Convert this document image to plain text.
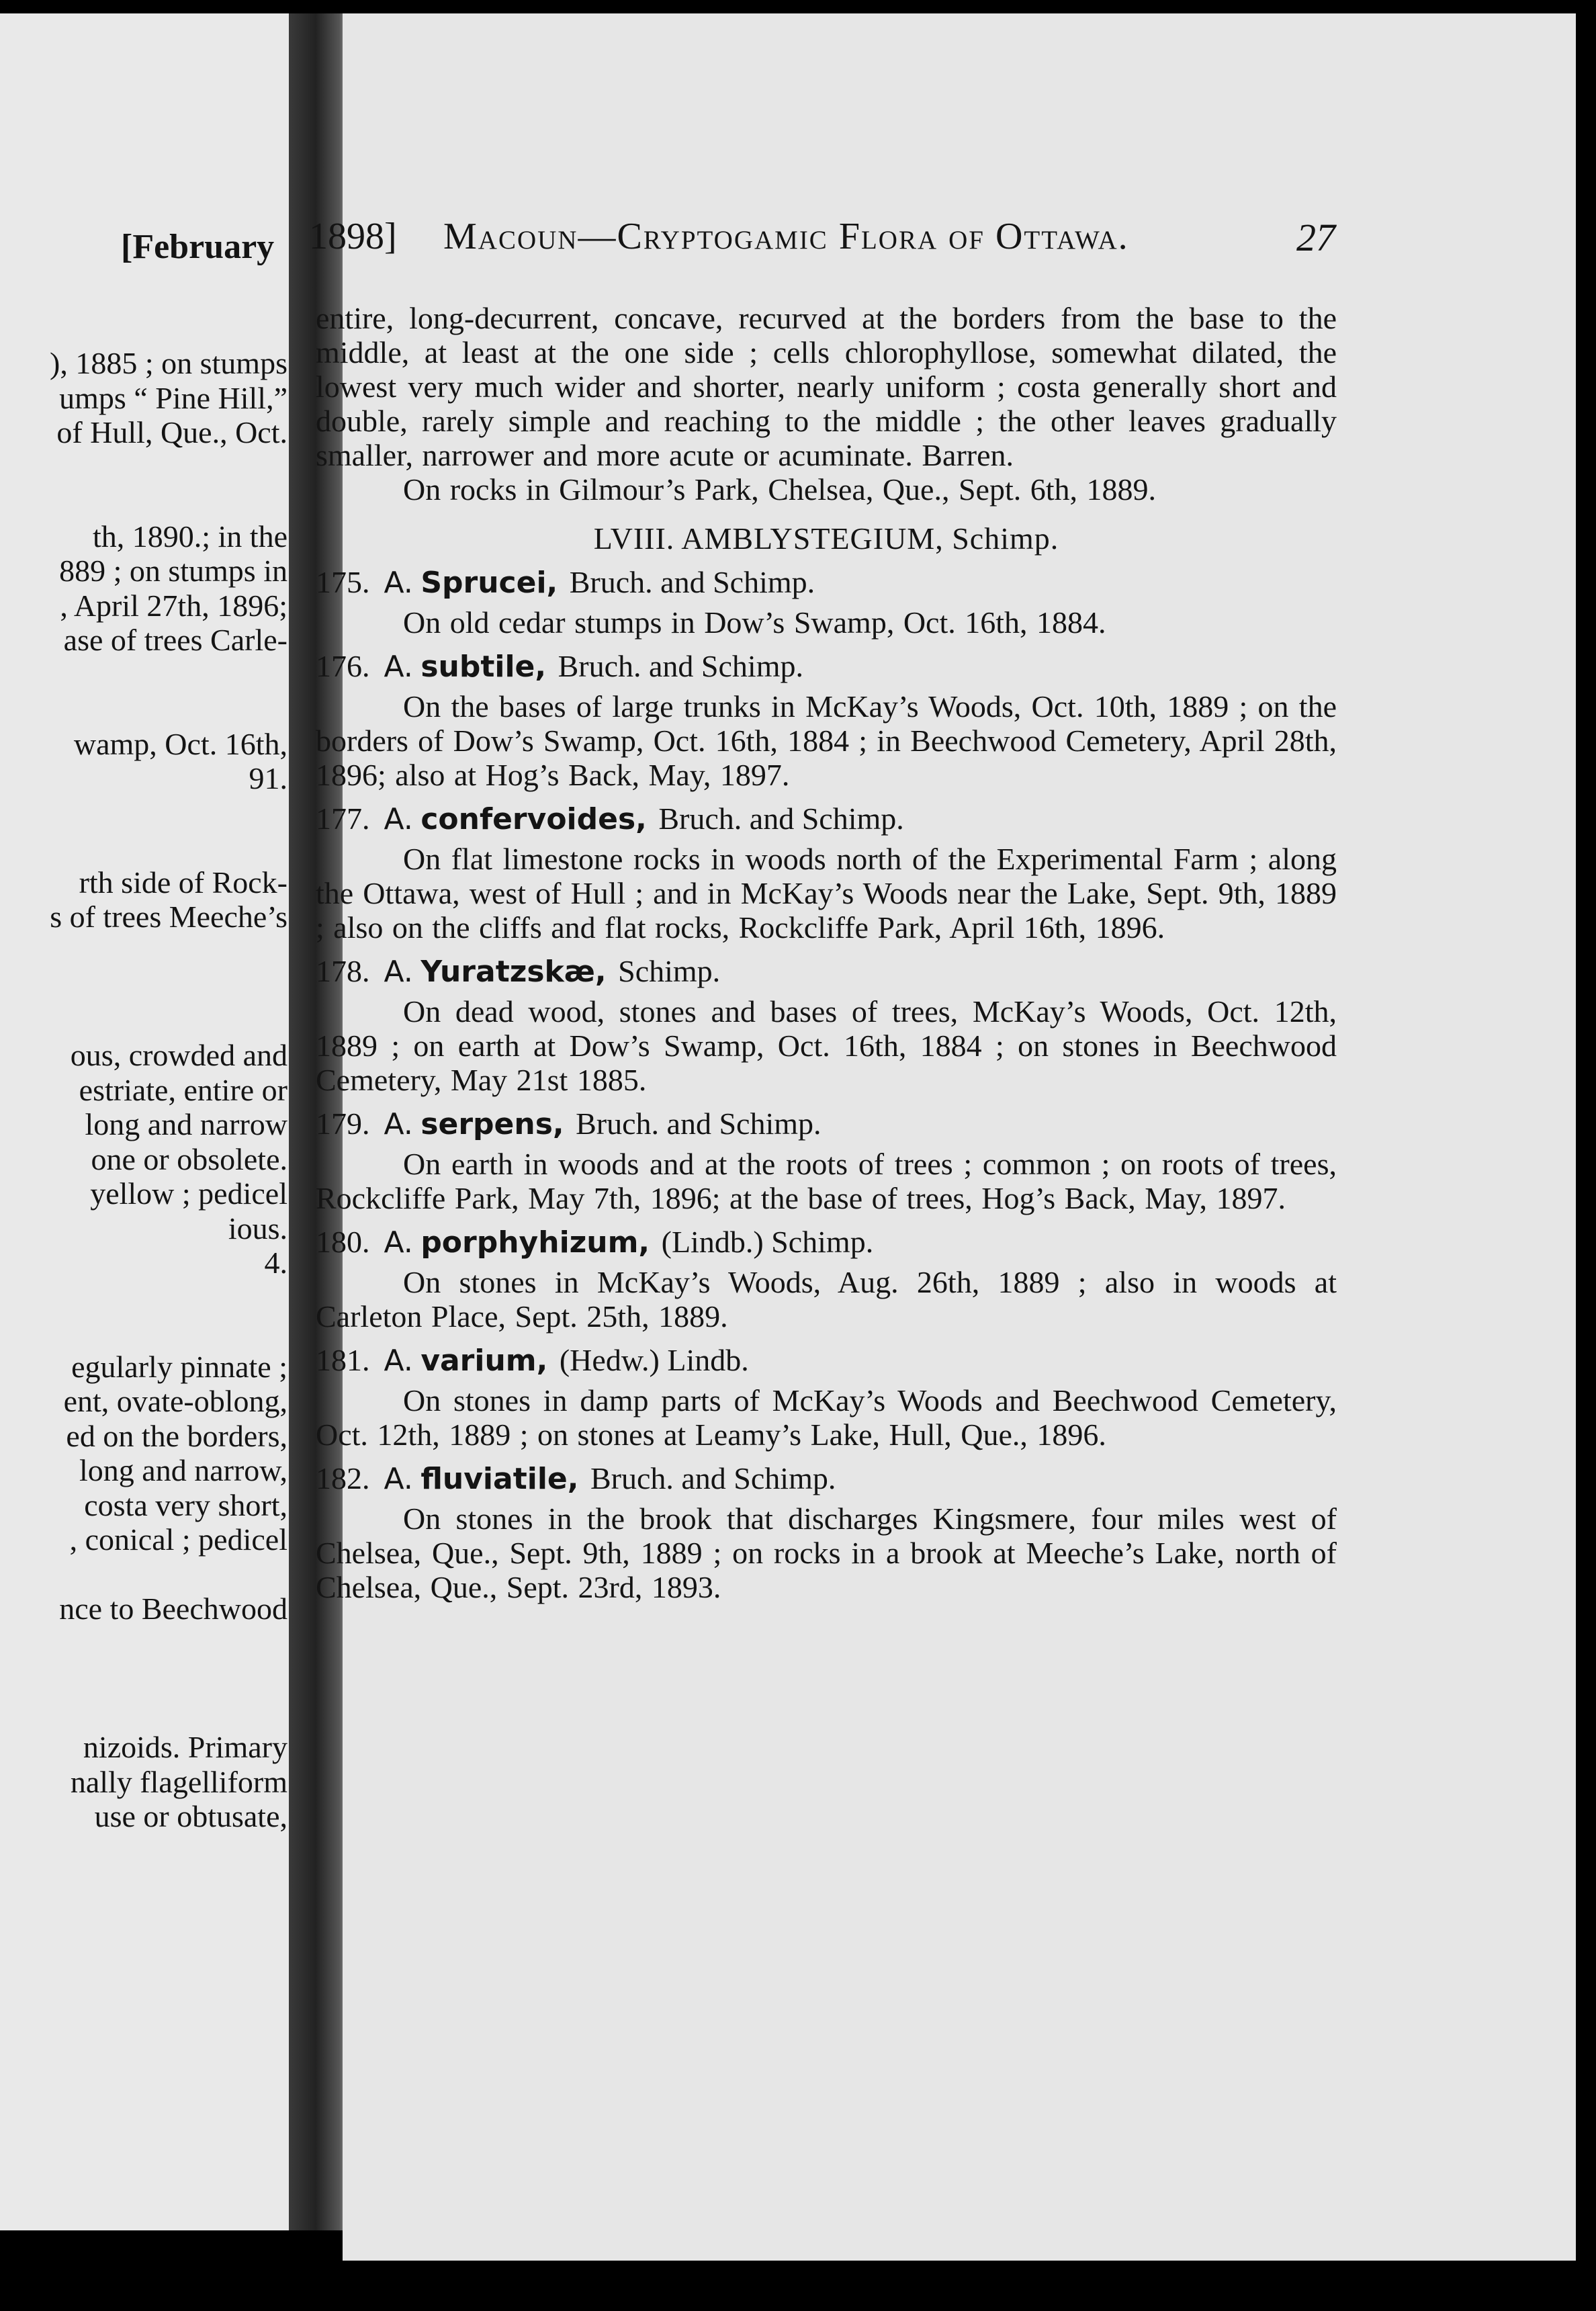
[February
), 1885 ; on stumps
umps “ Pine Hill,”
of Hull, Que., Oct.
th, 1890.; in the
889 ; on stumps in
, April 27th, 1896;
ase of trees Carle-
wamp, Oct. 16th,
91.
rth side of Rock-
s of trees Meeche’s
ous, crowded and
estriate, entire or
long and narrow
one or obsolete.
yellow ; pedicel
ious.
4.
egularly pinnate ;
ent, ovate-oblong,
ed on the borders,
long and narrow,
costa very short,
, conical ; pedicel
nce to Beechwood
nizoids. Primary
nally flagelliform
use or obtusate,
1898] Macoun—Cryptogamic Flora of Ottawa.	27

entire, long-decurrent, concave, recurved at the borders from the base to the middle, at least at the one side ; cells chlorophyllose, somewhat dilated, the lowest very much wider and shorter, nearly uniform ; costa generally short and double, rarely simple and reaching to the middle ; the other leaves gradually smaller, narrower and more acute or acuminate. Barren.

On rocks in Gilmour’s Park, Chelsea, Que., Sept. 6th, 1889.

LVIII. AMBLYSTEGIUM, Schimp.
175. A. Sprucei, Bruch. and Schimp.

On old cedar stumps in Dow’s Swamp, Oct. 16th, 1884.

176. A. subtile, Bruch. and Schimp.

On the bases of large trunks in McKay’s Woods, Oct. 10th, 1889 ; on the borders of Dow’s Swamp, Oct. 16th, 1884 ; in Beechwood Cemetery, April 28th, 1896; also at Hog’s Back, May, 1897.

177. A. confervoides, Bruch. and Schimp.

On flat limestone rocks in woods north of the Experimental Farm ; along the Ottawa, west of Hull ; and in McKay’s Woods near the Lake, Sept. 9th, 1889 ; also on the cliffs and flat rocks, Rockcliffe Park, April 16th, 1896.

178. A. Yuratzskæ, Schimp.

On dead wood, stones and bases of trees, McKay’s Woods, Oct. 12th, 1889 ; on earth at Dow’s Swamp, Oct. 16th, 1884 ; on stones in Beechwood Cemetery, May 21st 1885.

179. A. serpens, Bruch. and Schimp.

On earth in woods and at the roots of trees ; common ; on roots of trees, Rockcliffe Park, May 7th, 1896; at the base of trees, Hog’s Back, May, 1897.

180. A. porphyhizum, (Lindb.) Schimp.

On stones in McKay’s Woods, Aug. 26th, 1889 ; also in woods at Carleton Place, Sept. 25th, 1889.

181. A. varium, (Hedw.) Lindb.

On stones in damp parts of McKay’s Woods and Beechwood Cemetery, Oct. 12th, 1889 ; on stones at Leamy’s Lake, Hull, Que., 1896.

182. A. fluviatile, Bruch. and Schimp.

On stones in the brook that discharges Kingsmere, four miles west of Chelsea, Que., Sept. 9th, 1889 ; on rocks in a brook at Meeche’s Lake, north of Chelsea, Que., Sept. 23rd, 1893.
